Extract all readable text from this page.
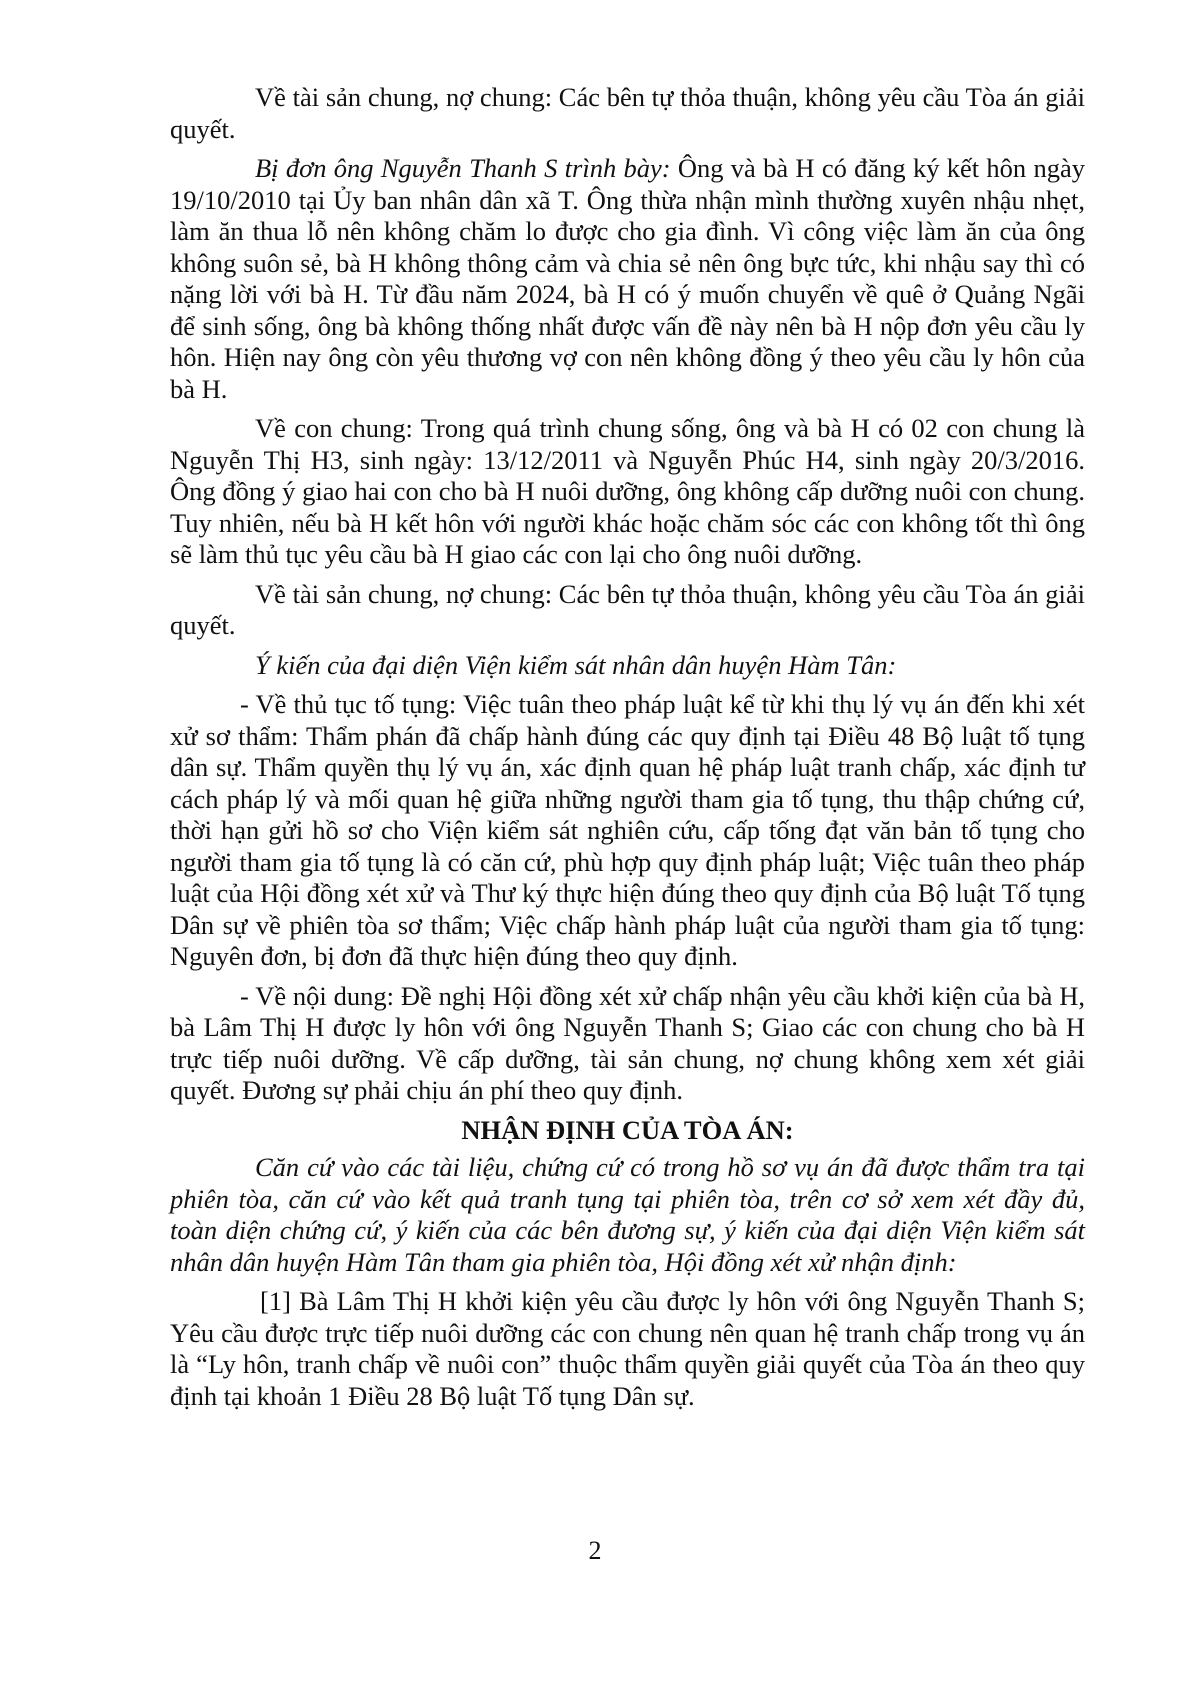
Về tài sản chung, nợ chung: Các bên tự thỏa thuận, không yêu cầu Tòa án giải quyết.

Bị đơn ông Nguyễn Thanh S trình bày: Ông và bà H có đăng ký kết hôn ngày 19/10/2010 tại Ủy ban nhân dân xã T. Ông thừa nhận mình thường xuyên nhậu nhẹt, làm ăn thua lỗ nên không chăm lo được cho gia đình. Vì công việc làm ăn của ông không suôn sẻ, bà H không thông cảm và chia sẻ nên ông bực tức, khi nhậu say thì có nặng lời với bà H. Từ đầu năm 2024, bà H có ý muốn chuyển về quê ở Quảng Ngãi để sinh sống, ông bà không thống nhất được vấn đề này nên bà H nộp đơn yêu cầu ly hôn. Hiện nay ông còn yêu thương vợ con nên không đồng ý theo yêu cầu ly hôn của bà H.

Về con chung: Trong quá trình chung sống, ông và bà H có 02 con chung là Nguyễn Thị H3, sinh ngày: 13/12/2011 và Nguyễn Phúc H4, sinh ngày 20/3/2016. Ông đồng ý giao hai con cho bà H nuôi dưỡng, ông không cấp dưỡng nuôi con chung. Tuy nhiên, nếu bà H kết hôn với người khác hoặc chăm sóc các con không tốt thì ông sẽ làm thủ tục yêu cầu bà H giao các con lại cho ông nuôi dưỡng.

Về tài sản chung, nợ chung: Các bên tự thỏa thuận, không yêu cầu Tòa án giải quyết.

Ý kiến của đại diện Viện kiểm sát nhân dân huyện Hàm Tân:

- Về thủ tục tố tụng: Việc tuân theo pháp luật kể từ khi thụ lý vụ án đến khi xét xử sơ thẩm: Thẩm phán đã chấp hành đúng các quy định tại Điều 48 Bộ luật tố tụng dân sự. Thẩm quyền thụ lý vụ án, xác định quan hệ pháp luật tranh chấp, xác định tư cách pháp lý và mối quan hệ giữa những người tham gia tố tụng, thu thập chứng cứ, thời hạn gửi hồ sơ cho Viện kiểm sát nghiên cứu, cấp tống đạt văn bản tố tụng cho người tham gia tố tụng là có căn cứ, phù hợp quy định pháp luật; Việc tuân theo pháp luật của Hội đồng xét xử và Thư ký thực hiện đúng theo quy định của Bộ luật Tố tụng Dân sự về phiên tòa sơ thẩm; Việc chấp hành pháp luật của người tham gia tố tụng: Nguyên đơn, bị đơn đã thực hiện đúng theo quy định.

- Về nội dung: Đề nghị Hội đồng xét xử chấp nhận yêu cầu khởi kiện của bà H, bà Lâm Thị H được ly hôn với ông Nguyễn Thanh S; Giao các con chung cho bà H trực tiếp nuôi dưỡng. Về cấp dưỡng, tài sản chung, nợ chung không xem xét giải quyết. Đương sự phải chịu án phí theo quy định.

NHẬN ĐỊNH CỦA TÒA ÁN:

Căn cứ vào các tài liệu, chứng cứ có trong hồ sơ vụ án đã được thẩm tra tại phiên tòa, căn cứ vào kết quả tranh tụng tại phiên tòa, trên cơ sở xem xét đầy đủ, toàn diện chứng cứ, ý kiến của các bên đương sự, ý kiến của đại diện Viện kiểm sát nhân dân huyện Hàm Tân tham gia phiên tòa, Hội đồng xét xử nhận định:

[1] Bà Lâm Thị H khởi kiện yêu cầu được ly hôn với ông Nguyễn Thanh S; Yêu cầu được trực tiếp nuôi dưỡng các con chung nên quan hệ tranh chấp trong vụ án là “Ly hôn, tranh chấp về nuôi con” thuộc thẩm quyền giải quyết của Tòa án theo quy định tại khoản 1 Điều 28 Bộ luật Tố tụng Dân sự.

2
